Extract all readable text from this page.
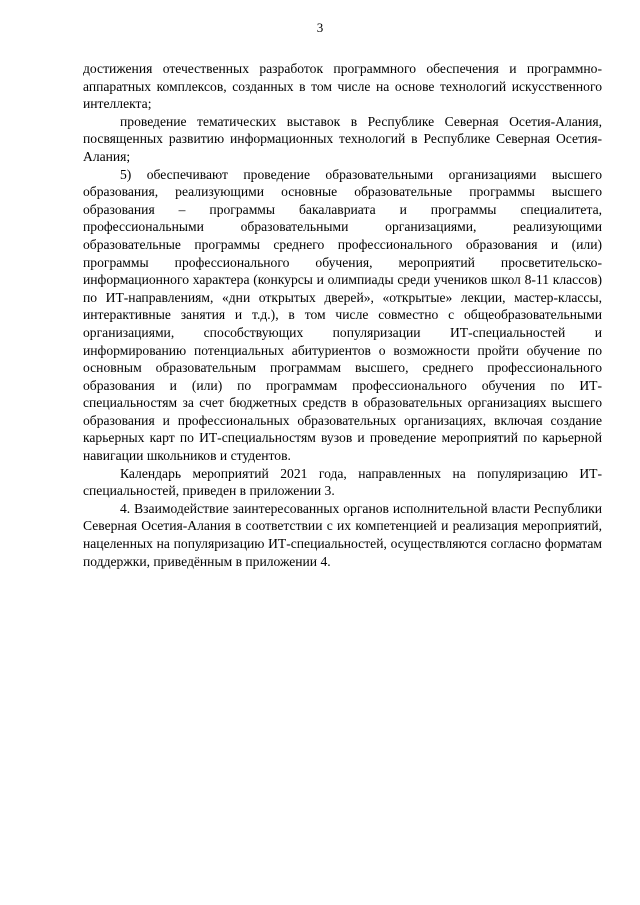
3

достижения отечественных разработок программного обеспечения и программно-аппаратных комплексов, созданных в том числе на основе технологий искусственного интеллекта;

проведение тематических выставок в Республике Северная Осетия-Алания, посвященных развитию информационных технологий в Республике Северная Осетия-Алания;

5) обеспечивают проведение образовательными организациями высшего образования, реализующими основные образовательные программы высшего образования – программы бакалавриата и программы специалитета, профессиональными образовательными организациями, реализующими образовательные программы среднего профессионального образования и (или) программы профессионального обучения, мероприятий просветительско-информационного характера (конкурсы и олимпиады среди учеников школ 8-11 классов) по ИТ-направлениям, «дни открытых дверей», «открытые» лекции, мастер-классы, интерактивные занятия и т.д.), в том числе совместно с общеобразовательными организациями, способствующих популяризации ИТ-специальностей и информированию потенциальных абитуриентов о возможности пройти обучение по основным образовательным программам высшего, среднего профессионального образования и (или) по программам профессионального обучения по ИТ-специальностям за счет бюджетных средств в образовательных организациях высшего образования и профессиональных образовательных организациях, включая создание карьерных карт по ИТ-специальностям вузов и проведение мероприятий по карьерной навигации школьников и студентов.

Календарь мероприятий 2021 года, направленных на популяризацию ИТ-специальностей, приведен в приложении 3.

4. Взаимодействие заинтересованных органов исполнительной власти Республики Северная Осетия-Алания в соответствии с их компетенцией и реализация мероприятий, нацеленных на популяризацию ИТ-специальностей, осуществляются согласно форматам поддержки, приведённым в приложении 4.
